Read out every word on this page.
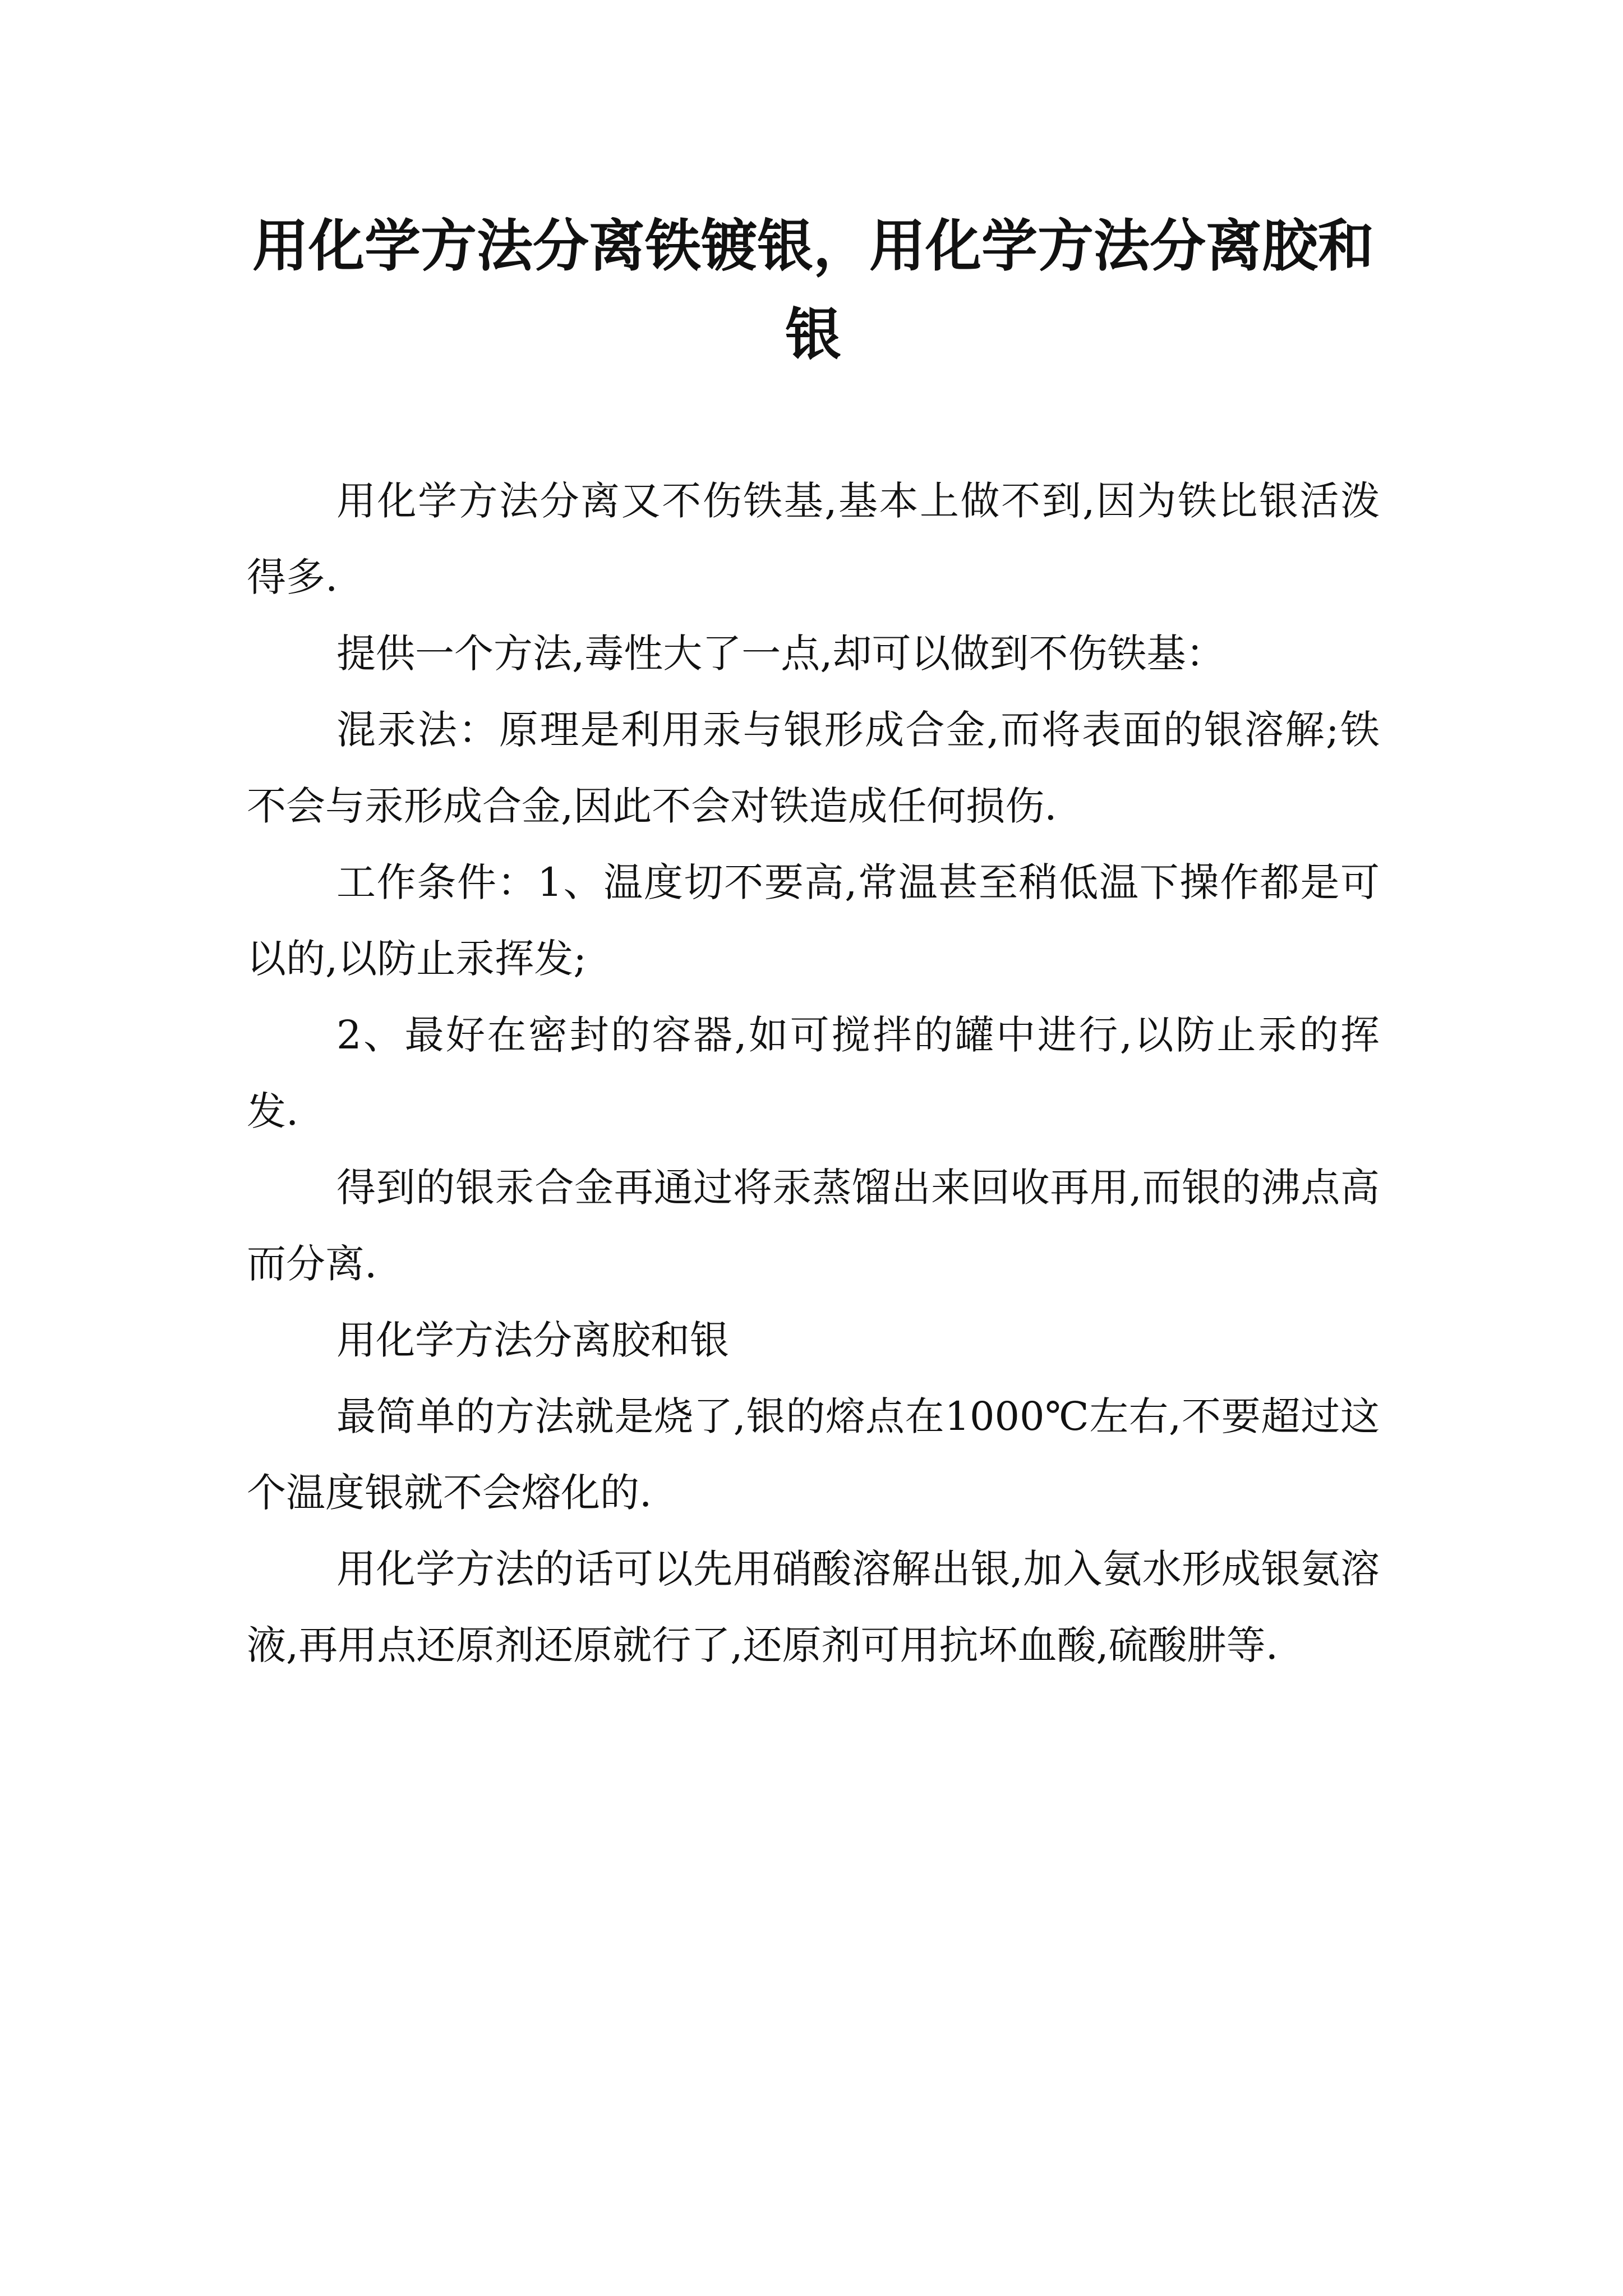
用化学方法分离铁镀银，用化学方法分离胶和银

用化学方法分离又不伤铁基,基本上做不到,因为铁比银活泼得多.

提供一个方法,毒性大了一点,却可以做到不伤铁基：

混汞法：原理是利用汞与银形成合金,而将表面的银溶解;铁不会与汞形成合金,因此不会对铁造成任何损伤.

工作条件：1、温度切不要高,常温甚至稍低温下操作都是可以的,以防止汞挥发;

2、最好在密封的容器,如可搅拌的罐中进行,以防止汞的挥发.

得到的银汞合金再通过将汞蒸馏出来回收再用,而银的沸点高而分离.

用化学方法分离胶和银

最简单的方法就是烧了,银的熔点在1000℃左右,不要超过这个温度银就不会熔化的.

用化学方法的话可以先用硝酸溶解出银,加入氨水形成银氨溶液,再用点还原剂还原就行了,还原剂可用抗坏血酸,硫酸肼等.
